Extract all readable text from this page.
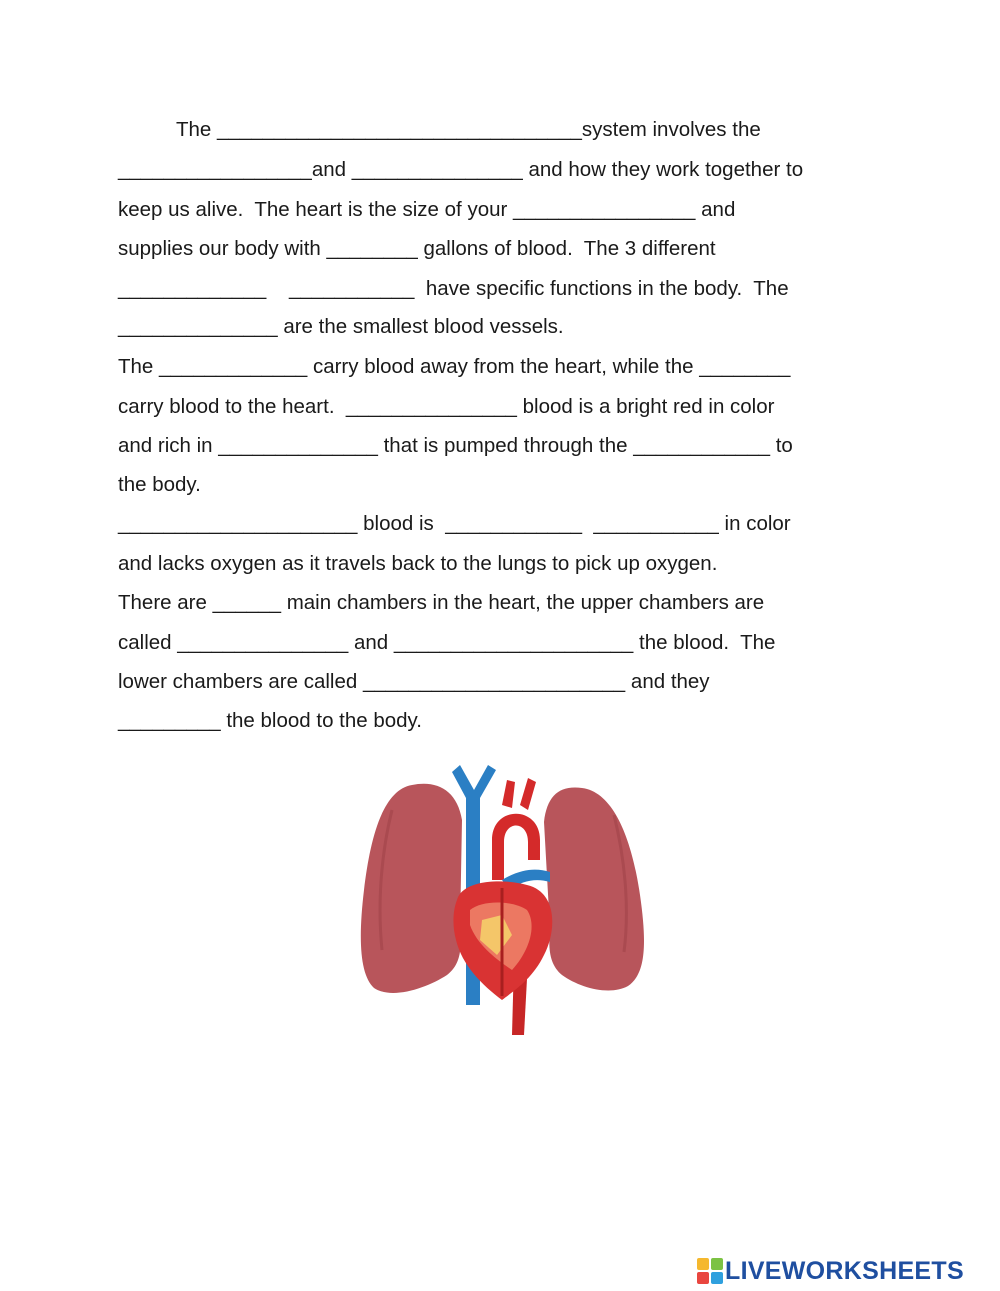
The ________________________________system involves the
_________________and _______________ and how they work together to
keep us alive.  The heart is the size of your ________________ and
supplies our body with ________ gallons of blood.  The 3 different
_____________ ___________  have specific functions in the body.  The
______________ are the smallest blood vessels.
The _____________ carry blood away from the heart, while the ________
carry blood to the heart.  _______________ blood is a bright red in color
and rich in ______________ that is pumped through the ____________ to
the body.
_____________________ blood is  ____________ ___________ in color
and lacks oxygen as it travels back to the lungs to pick up oxygen.
There are ______ main chambers in the heart, the upper chambers are
called _______________ and _____________________ the blood.  The
lower chambers are called _______________________ and they
_________ the blood to the body.
LIVEWORKSHEETS
